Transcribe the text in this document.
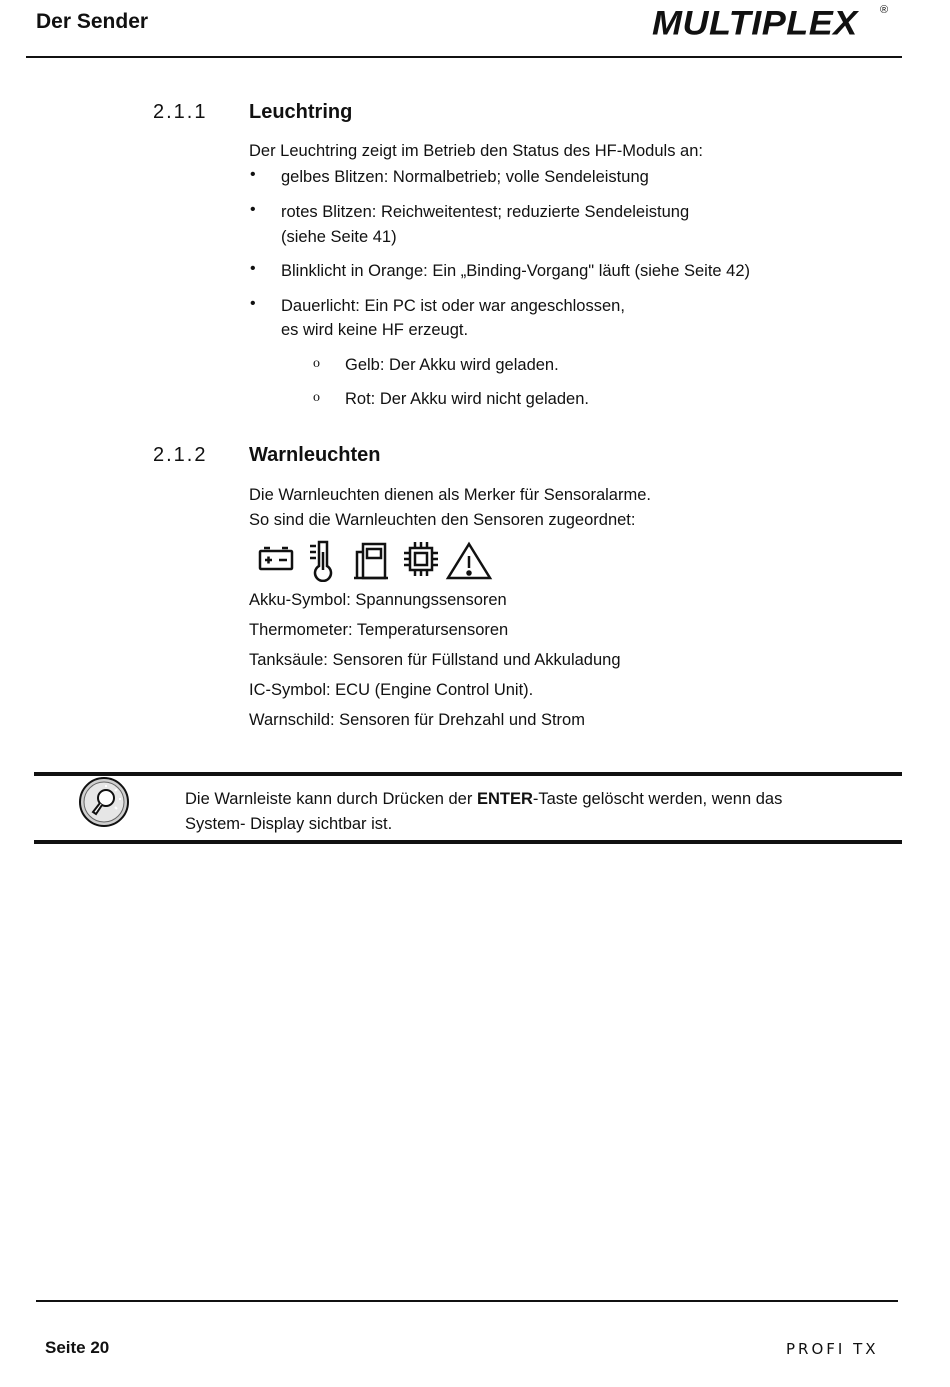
Der Sender	MULTIPLEX ®
2.1.1 Leuchtring
Der Leuchtring zeigt im Betrieb den Status des HF-Moduls an:
• gelbes Blitzen: Normalbetrieb; volle Sendeleistung
• rotes Blitzen: Reichweitentest; reduzierte Sendeleistung
(siehe Seite 41)
• Blinklicht in Orange: Ein „Binding-Vorgang" läuft (siehe Seite 42)
• Dauerlicht: Ein PC ist oder war angeschlossen,
es wird keine HF erzeugt.
o
Gelb: Der Akku wird geladen.
o
Rot: Der Akku wird nicht geladen.
2.1.2 Warnleuchten
Die Warnleuchten dienen als Merker für Sensoralarme.
So sind die Warnleuchten den Sensoren zugeordnet:
Akku-Symbol: Spannungssensoren
Thermometer: Temperatursensoren
Tanksäule: Sensoren für Füllstand und Akkuladung
IC-Symbol: ECU (Engine Control Unit).
Warnschild: Sensoren für Drehzahl und Strom
Die Warnleiste kann durch Drücken der ENTER-Taste gelöscht werden, wenn das
System- Display sichtbar ist.
Seite 20	PROFI TX
